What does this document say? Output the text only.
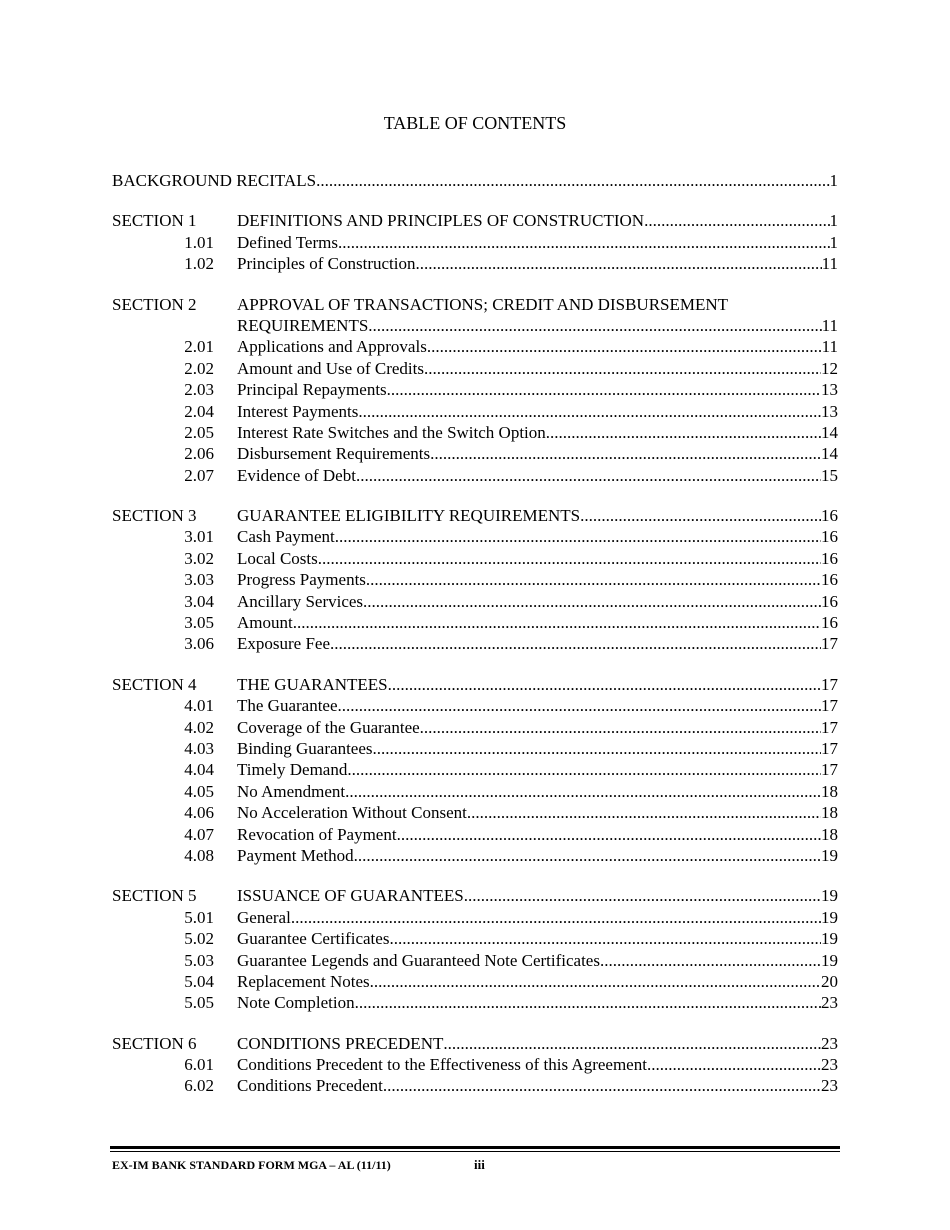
TABLE OF CONTENTS
BACKGROUND RECITALS .....	1
SECTION 1	DEFINITIONS AND PRINCIPLES OF CONSTRUCTION .....	1
1.01	Defined Terms .....	1
1.02	Principles of Construction .....	11
SECTION 2	APPROVAL OF TRANSACTIONS; CREDIT AND DISBURSEMENT
REQUIREMENTS .....	11
2.01	Applications and Approvals .....	11
2.02	Amount and Use of Credits .....	12
2.03	Principal Repayments .....	13
2.04	Interest Payments .....	13
2.05	Interest Rate Switches and the Switch Option .....	14
2.06	Disbursement Requirements .....	14
2.07	Evidence of Debt .....	15
SECTION 3	GUARANTEE ELIGIBILITY REQUIREMENTS .....	16
3.01	Cash Payment .....	16
3.02	Local Costs .....	16
3.03	Progress Payments .....	16
3.04	Ancillary Services .....	16
3.05	Amount .....	16
3.06	Exposure Fee .....	17
SECTION 4	THE GUARANTEES .....	17
4.01	The Guarantee .....	17
4.02	Coverage of the Guarantee .....	17
4.03	Binding Guarantees .....	17
4.04	Timely Demand .....	17
4.05	No Amendment .....	18
4.06	No Acceleration Without Consent .....	18
4.07	Revocation of Payment .....	18
4.08	Payment Method .....	19
SECTION 5	ISSUANCE OF GUARANTEES .....	19
5.01	General .....	19
5.02	Guarantee Certificates .....	19
5.03	Guarantee Legends and Guaranteed Note Certificates .....	19
5.04	Replacement Notes .....	20
5.05	Note Completion .....	23
SECTION 6	CONDITIONS PRECEDENT .....	23
6.01	Conditions Precedent to the Effectiveness of this Agreement .....	23
6.02	Conditions Precedent .....	23
EX-IM BANK STANDARD FORM MGA – AL (11/11)	iii
